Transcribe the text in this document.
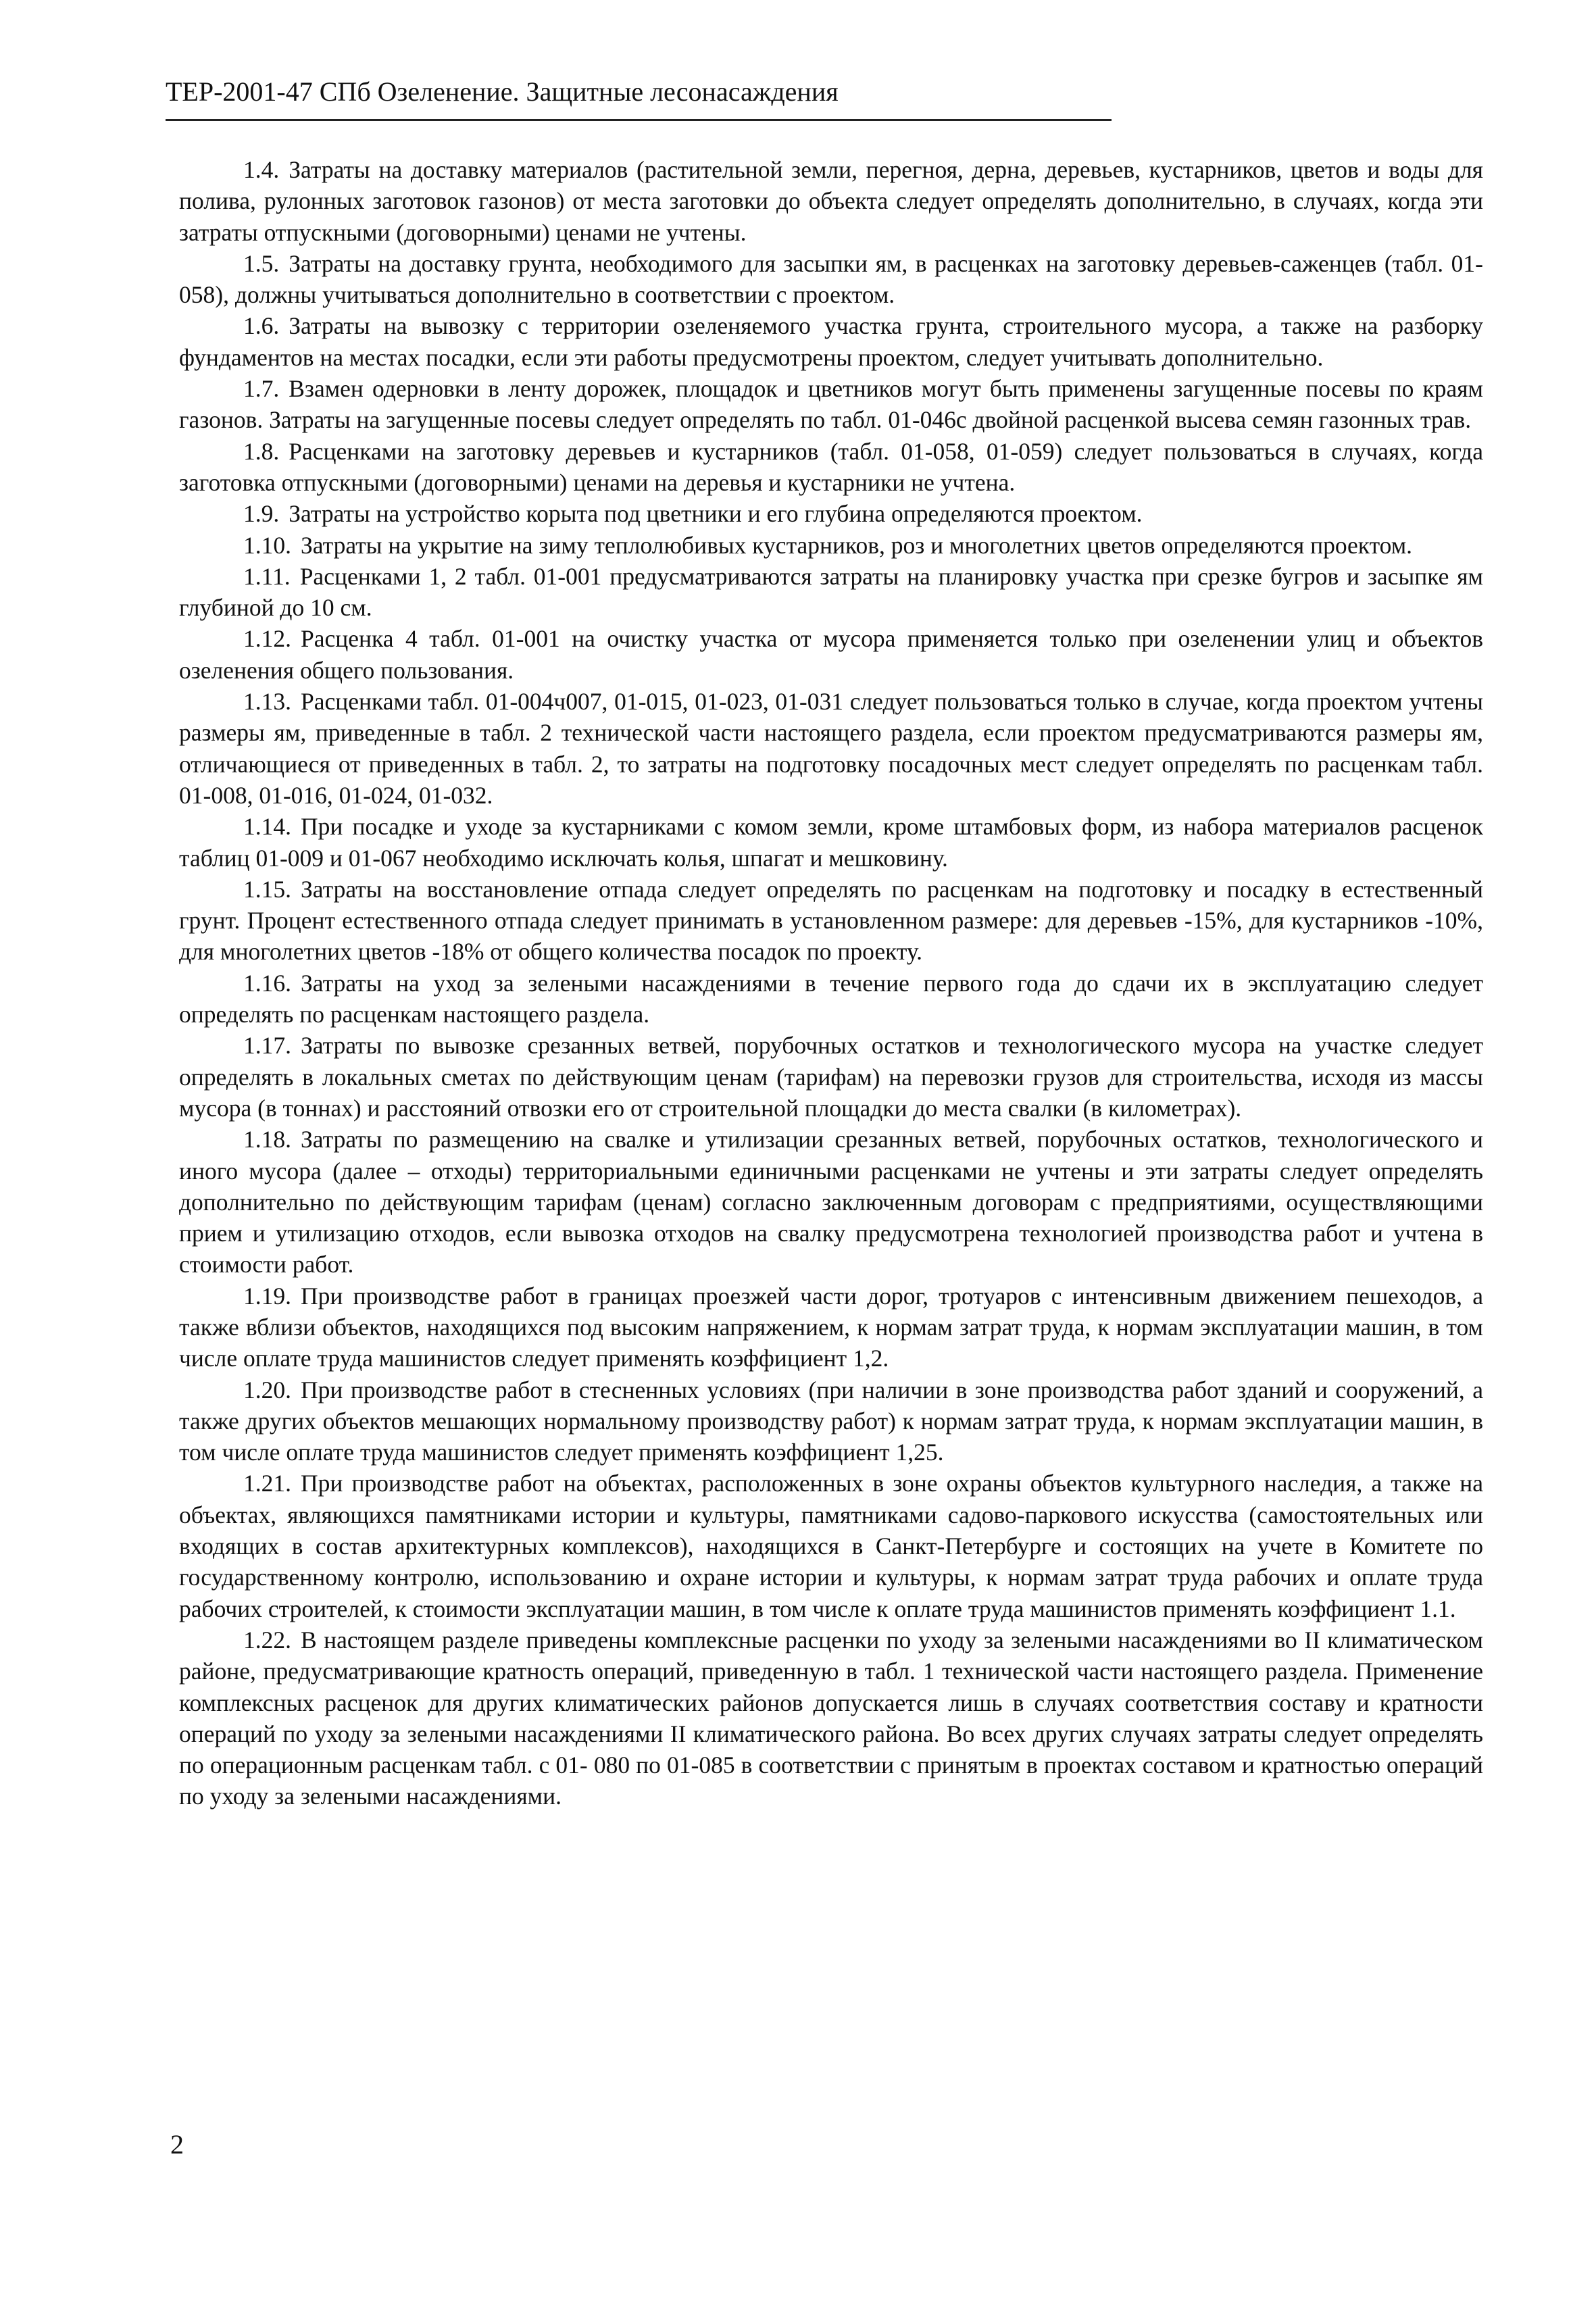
ТЕР-2001-47 СПб Озеленение. Защитные лесонасаждения

1.4. Затраты на доставку материалов (растительной земли, перегноя, дерна, деревьев, кустарников, цветов и воды для полива, рулонных заготовок газонов) от места заготовки до объекта следует определять дополнительно, в случаях, когда эти затраты отпускными (договорными) ценами не учтены.

1.5. Затраты на доставку грунта, необходимого для засыпки ям, в расценках на заготовку деревьев-саженцев (табл. 01-058), должны учитываться дополнительно в соответствии с проектом.

1.6. Затраты на вывозку с территории озеленяемого участка грунта, строительного мусора, а также на разборку фундаментов на местах посадки, если эти работы предусмотрены проектом, следует учитывать дополнительно.

1.7. Взамен одерновки в ленту дорожек, площадок и цветников могут быть применены загущенные посевы по краям газонов. Затраты на загущенные посевы следует определять по табл. 01-046с двойной расценкой высева семян газонных трав.

1.8. Расценками на заготовку деревьев и кустарников (табл. 01-058, 01-059) следует пользоваться в случаях, когда заготовка отпускными (договорными) ценами на деревья и кустарники не учтена.

1.9. Затраты на устройство корыта под цветники и его глубина определяются проектом.

1.10. Затраты на укрытие на зиму теплолюбивых кустарников, роз и многолетних цветов определяются проектом.

1.11. Расценками 1, 2 табл. 01-001 предусматриваются затраты на планировку участка при срезке бугров и засыпке ям глубиной до 10 см.

1.12. Расценка 4 табл. 01-001 на очистку участка от мусора применяется только при озеленении улиц и объектов озеленения общего пользования.

1.13. Расценками табл. 01-004ч007, 01-015, 01-023, 01-031 следует пользоваться только в случае, когда проектом учтены размеры ям, приведенные в табл. 2 технической части настоящего раздела, если проектом предусматриваются размеры ям, отличающиеся от приведенных в табл. 2, то затраты на подготовку посадочных мест следует определять по расценкам табл. 01-008, 01-016, 01-024, 01-032.

1.14. При посадке и уходе за кустарниками с комом земли, кроме штамбовых форм, из набора материалов расценок таблиц 01-009 и 01-067 необходимо исключать колья, шпагат и мешковину.

1.15. Затраты на восстановление отпада следует определять по расценкам на подготовку и посадку в естественный грунт. Процент естественного отпада следует принимать в установленном размере: для деревьев -15%, для кустарников -10%, для многолетних цветов -18% от общего количества посадок по проекту.

1.16. Затраты на уход за зелеными насаждениями в течение первого года до сдачи их в эксплуатацию следует определять по расценкам настоящего раздела.

1.17. Затраты по вывозке срезанных ветвей, порубочных остатков и технологического мусора на участке следует определять в локальных сметах по действующим ценам (тарифам) на перевозки грузов для строительства, исходя из массы мусора (в тоннах) и расстояний отвозки его от строительной площадки до места свалки (в километрах).

1.18. Затраты по размещению на свалке и утилизации срезанных ветвей, порубочных остатков, технологического и иного мусора (далее – отходы) территориальными единичными расценками не учтены и эти затраты следует определять дополнительно по действующим тарифам (ценам) согласно заключенным договорам с предприятиями, осуществляющими прием и утилизацию отходов, если вывозка отходов на свалку предусмотрена технологией производства работ и учтена в стоимости работ.

1.19. При производстве работ в границах проезжей части дорог, тротуаров с интенсивным движением пешеходов, а также вблизи объектов, находящихся под высоким напряжением, к нормам затрат труда, к нормам эксплуатации машин, в том числе оплате труда машинистов следует применять коэффициент 1,2.

1.20. При производстве работ в стесненных условиях (при наличии в зоне производства работ зданий и сооружений, а также других объектов мешающих нормальному производству работ) к нормам затрат труда, к нормам эксплуатации машин, в том числе оплате труда машинистов следует применять коэффициент 1,25.

1.21. При производстве работ на объектах, расположенных в зоне охраны объектов культурного наследия, а также на объектах, являющихся памятниками истории и культуры, памятниками садово-паркового искусства (самостоятельных или входящих в состав архитектурных комплексов), находящихся в Санкт-Петербурге и состоящих на учете в Комитете по государственному контролю, использованию и охране истории и культуры, к нормам затрат труда рабочих и оплате труда рабочих строителей, к стоимости эксплуатации машин, в том числе к оплате труда машинистов применять коэффициент 1.1.

1.22. В настоящем разделе приведены комплексные расценки по уходу за зелеными насаждениями во II климатическом районе, предусматривающие кратность операций, приведенную в табл. 1 технической части настоящего раздела. Применение комплексных расценок для других климатических районов допускается лишь в случаях соответствия составу и кратности операций по уходу за зелеными насаждениями II климатического района. Во всех других случаях затраты следует определять по операционным расценкам табл. с 01- 080 по 01-085 в соответствии с принятым в проектах составом и кратностью операций по уходу за зелеными насаждениями.

2
